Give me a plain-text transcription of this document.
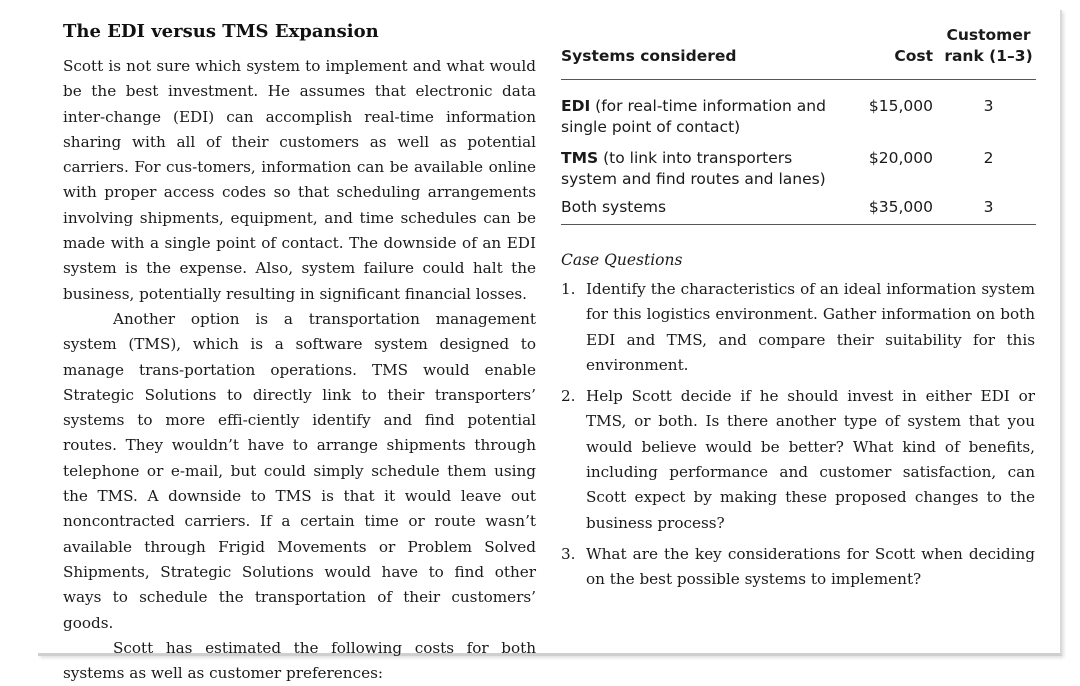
The EDI versus TMS Expansion

Scott is not sure which system to implement and what would be the best investment. He assumes that electronic data inter-change (EDI) can accomplish real-time information sharing with all of their customers as well as potential carriers. For cus-tomers, information can be available online with proper access codes so that scheduling arrangements involving shipments, equipment, and time schedules can be made with a single point of contact. The downside of an EDI system is the expense. Also, system failure could halt the business, potentially resulting in significant financial losses.

Another option is a transportation management system (TMS), which is a software system designed to manage trans-portation operations. TMS would enable Strategic Solutions to directly link to their transporters’ systems to more effi-ciently identify and find potential routes. They wouldn’t have to arrange shipments through telephone or e-mail, but could simply schedule them using the TMS. A downside to TMS is that it would leave out noncontracted carriers. If a certain time or route wasn’t available through Frigid Movements or Problem Solved Shipments, Strategic Solutions would have to find other ways to schedule the transportation of their customers’ goods.

Scott has estimated the following costs for both systems as well as customer preferences:

Systems considered	Cost	Customer
rank (1–3)
EDI (for real-time information and single point of contact)	$15,000	3
TMS (to link into transporters system and find routes and lanes)	$20,000	2
Both systems	$35,000	3
Case Questions
1. Identify the characteristics of an ideal information system for this logistics environment. Gather information on both EDI and TMS, and compare their suitability for this environment.
2. Help Scott decide if he should invest in either EDI or TMS, or both. Is there another type of system that you would believe would be better? What kind of benefits, including performance and customer satisfaction, can Scott expect by making these proposed changes to the business process?
3. What are the key considerations for Scott when deciding on the best possible systems to implement?
